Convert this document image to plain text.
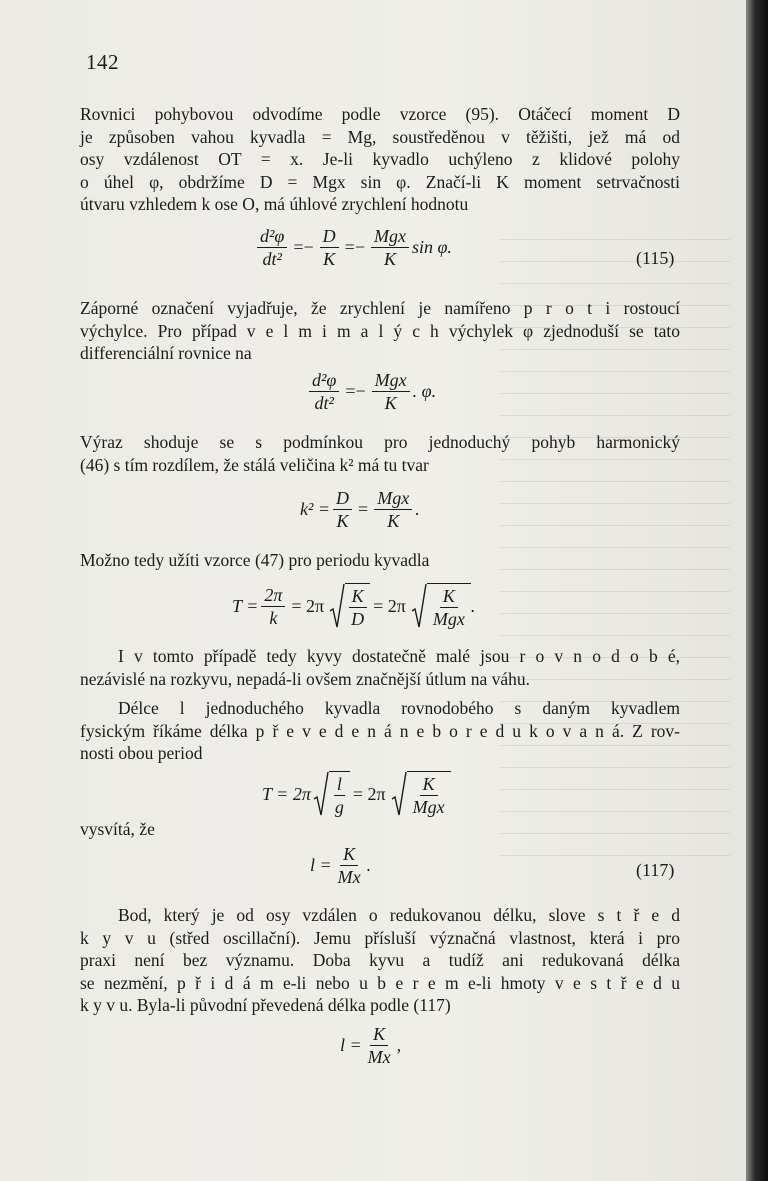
142
Rovnici pohybovou odvodíme podle vzorce (95). Otáčecí moment D
je způsoben vahou kyvadla = Mg, soustředěnou v těžišti, jež má od
osy vzdálenost OT = x. Je-li kyvadlo uchýleno z klidové polohy
o úhel φ, obdržíme D = Mgx sin φ. Značí-li K moment setrvačnosti
útvaru vzhledem k ose O, má úhlové zrychlení hodnotu
$\frac{\text{d²φ}}{\text{dt²}} =- \frac{D}{K} =- \frac{\text{Mgx}}{K}$ sin φ.
(115)
Záporné označení vyjadřuje, že zrychlení je namířeno p r o t i rostoucí
výchylce. Pro případ v e l m i m a l ý c h výchylek φ zjednoduší se tato
differenciální rovnice na
$\frac{\text{d²φ}}{\text{dt²}} =- \frac{\text{Mgx}}{K}$ . φ.
Výraz shoduje se s podmínkou pro jednoduchý pohyb harmonický
(46) s tím rozdílem, že stálá veličina k² má tu tvar
$k^2 = \frac{D}{K} = \frac{\text{Mgx}}{K}$ .
Možno tedy užíti vzorce (47) pro periodu kyvadla
$T = \frac{2\pi}{k} = 2\pi \frac{K}{D} = 2\pi \frac{K}{\text{Mgx}}$ .
I v tomto případě tedy kyvy dostatečně malé jsou r o v n o d o b é,
nezávislé na rozkyvu, nepadá-li ovšem značnější útlum na váhu.
Délce l jednoduchého kyvadla rovnodobého s daným kyvadlem
fysickým říkáme délka p ř e v e d e n á n e b o r e d u k o v a n á. Z rov-
nosti obou period
$T = 2\pi \frac{l}{g} = 2\pi \frac{K}{\text{Mgx}}$
vysvítá, že
$l = \frac{K}{Mx}$ .	(117)
Bod, který je od osy vzdálen o redukovanou délku, slove s t ř e d
k y v u (střed oscillační). Jemu přísluší význačná vlastnost, která i pro
praxi není bez významu. Doba kyvu a tudíž ani redukovaná délka
se nezmění, p ř i d á m e-li nebo u b e r e m e-li hmoty v e s t ř e d u
k y v u. Byla-li původní převedená délka podle (117)
$l = \frac{K}{Mx}$ ,
